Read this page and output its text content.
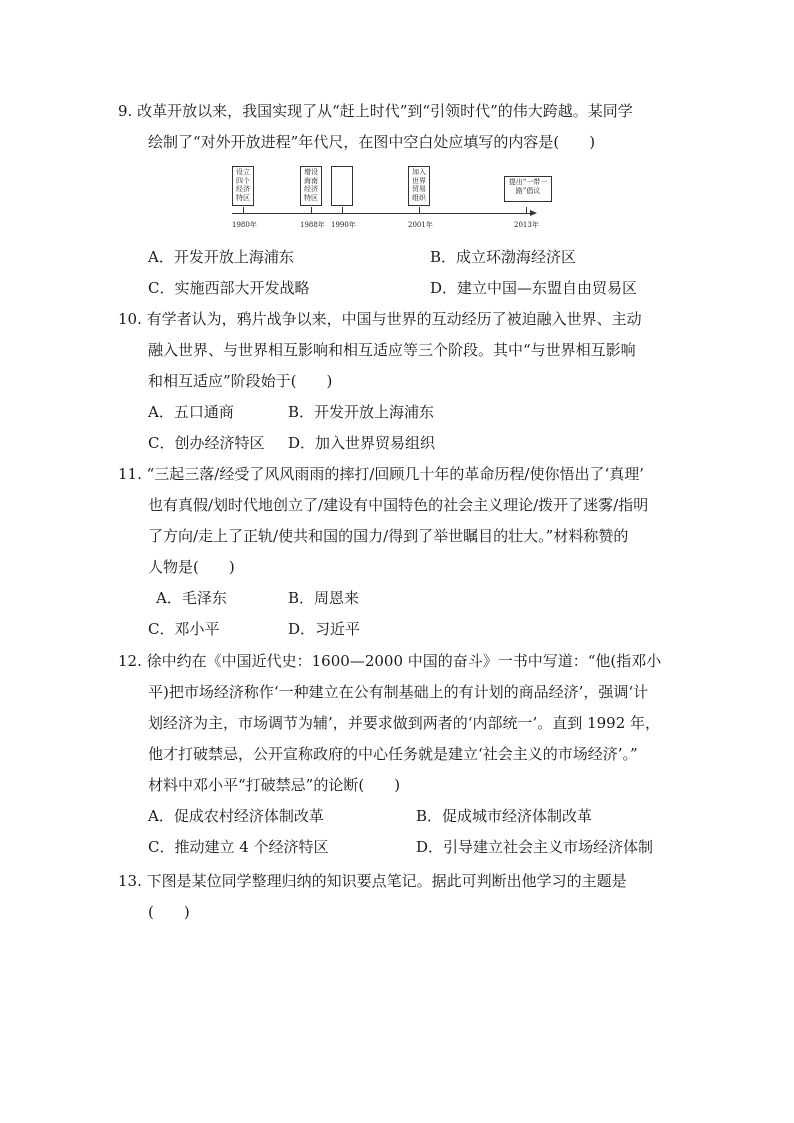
9. 改革开放以来，我国实现了从“赶上时代”到“引领时代”的伟大跨越。某同学
绘制了“对外开放进程”年代尺，在图中空白处应填写的内容是(　　)
设立四个经济特区
增设海南经济特区
加入世界贸易组织
提出“一带一路”倡议
1980年	1988年 1990年	2001年	2013年
A．开发开放上海浦东	B．成立环渤海经济区
C．实施西部大开发战略	D．建立中国—东盟自由贸易区
10. 有学者认为，鸦片战争以来，中国与世界的互动经历了被迫融入世界、主动
融入世界、与世界相互影响和相互适应等三个阶段。其中“与世界相互影响
和相互适应”阶段始于(　　)
A．五口通商	B．开发开放上海浦东
C．创办经济特区 D．加入世界贸易组织
11. “三起三落/经受了风风雨雨的摔打/回顾几十年的革命历程/使你悟出了‘真理’
也有真假/划时代地创立了/建设有中国特色的社会主义理论/拨开了迷雾/指明
了方向/走上了正轨/使共和国的国力/得到了举世瞩目的壮大。”材料称赞的
人物是(　　)
A．毛泽东	B．周恩来
C．邓小平	D．习近平
12. 徐中约在《中国近代史：1600—2000 中国的奋斗》一书中写道：“他(指邓小
平)把市场经济称作‘一种建立在公有制基础上的有计划的商品经济’，强调‘计
划经济为主，市场调节为辅’，并要求做到两者的‘内部统一’。直到 1992 年，
他才打破禁忌，公开宣称政府的中心任务就是建立‘社会主义的市场经济’。”
材料中邓小平“打破禁忌”的论断(　　)
A．促成农村经济体制改革	B．促成城市经济体制改革
C．推动建立 4 个经济特区	D．引导建立社会主义市场经济体制
13. 下图是某位同学整理归纳的知识要点笔记。据此可判断出他学习的主题是
(　　)
